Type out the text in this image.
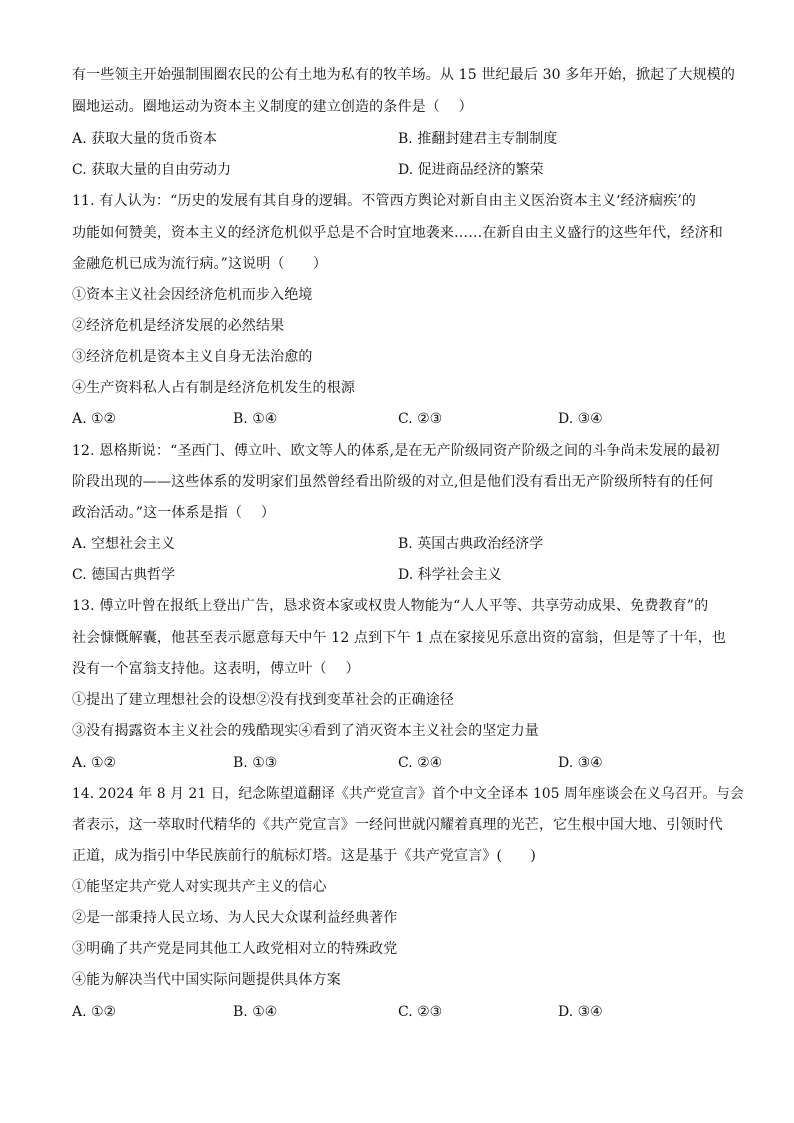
有一些领主开始强制围圈农民的公有土地为私有的牧羊场。从 15 世纪最后 30 多年开始，掀起了大规模的
圈地运动。圈地运动为资本主义制度的建立创造的条件是（　 ）
A. 获取大量的货币资本	B. 推翻封建君主专制制度
C. 获取大量的自由劳动力	D. 促进商品经济的繁荣
11. 有人认为：“历史的发展有其自身的逻辑。不管西方舆论对新自由主义医治资本主义‘经济痼疾’的
功能如何赞美，资本主义的经济危机似乎总是不合时宜地袭来……在新自由主义盛行的这些年代，经济和
金融危机已成为流行病。”这说明（　　）
①资本主义社会因经济危机而步入绝境
②经济危机是经济发展的必然结果
③经济危机是资本主义自身无法治愈的
④生产资料私人占有制是经济危机发生的根源
A. ①②	B. ①④	C. ②③	D. ③④
12. 恩格斯说：“圣西门、傅立叶、欧文等人的体系,是在无产阶级同资产阶级之间的斗争尚未发展的最初
阶段出现的——这些体系的发明家们虽然曾经看出阶级的对立,但是他们没有看出无产阶级所特有的任何
政治活动。”这一体系是指（　 ）
A. 空想社会主义	B. 英国古典政治经济学
C. 德国古典哲学	D. 科学社会主义
13. 傅立叶曾在报纸上登出广告，恳求资本家或权贵人物能为“人人平等、共享劳动成果、免费教育”的
社会慷慨解囊，他甚至表示愿意每天中午 12 点到下午 1 点在家接见乐意出资的富翁，但是等了十年，也
没有一个富翁支持他。这表明，傅立叶（　 ）
①提出了建立理想社会的设想②没有找到变革社会的正确途径
③没有揭露资本主义社会的残酷现实④看到了消灭资本主义社会的坚定力量
A. ①②	B. ①③	C. ②④	D. ③④
14. 2024 年 8 月 21 日，纪念陈望道翻译《共产党宣言》首个中文全译本 105 周年座谈会在义乌召开。与会
者表示，这一萃取时代精华的《共产党宣言》一经问世就闪耀着真理的光芒，它生根中国大地、引领时代
正道，成为指引中华民族前行的航标灯塔。这是基于《共产党宣言》(　　)
①能坚定共产党人对实现共产主义的信心
②是一部秉持人民立场、为人民大众谋利益经典著作
③明确了共产党是同其他工人政党相对立的特殊政党
④能为解决当代中国实际问题提供具体方案
A. ①②	B. ①④	C. ②③	D. ③④
